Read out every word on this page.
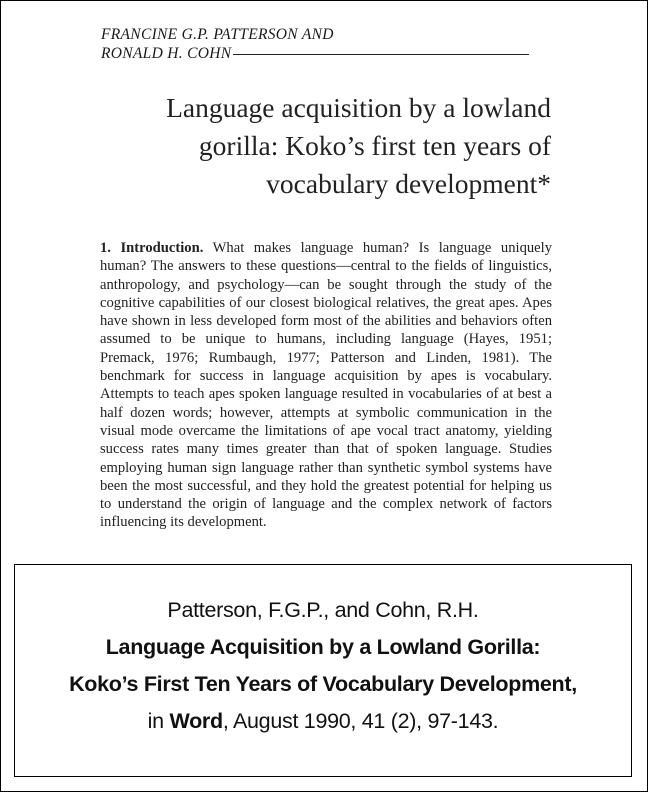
FRANCINE G.P. PATTERSON AND
RONALD H. COHN
Language acquisition by a lowland
gorilla: Koko’s first ten years of
vocabulary development*
1. Introduction. What makes language human? Is language uniquely human? The answers to these questions—central to the fields of linguistics, anthropology, and psychology—can be sought through the study of the cognitive capabilities of our closest biological relatives, the great apes. Apes have shown in less developed form most of the abilities and behaviors often assumed to be unique to humans, including language (Hayes, 1951; Premack, 1976; Rumbaugh, 1977; Patterson and Linden, 1981). The benchmark for success in language acquisition by apes is vocabulary. Attempts to teach apes spoken language resulted in vocabularies of at best a half dozen words; however, attempts at symbolic communication in the visual mode overcame the limitations of ape vocal tract anatomy, yielding success rates many times greater than that of spoken language. Studies employing human sign language rather than synthetic symbol systems have been the most successful, and they hold the greatest potential for helping us to understand the origin of language and the complex network of factors influencing its development.
Patterson, F.G.P., and Cohn, R.H.
Language Acquisition by a Lowland Gorilla:
Koko’s First Ten Years of Vocabulary Development,
in Word, August 1990, 41 (2), 97-143.
